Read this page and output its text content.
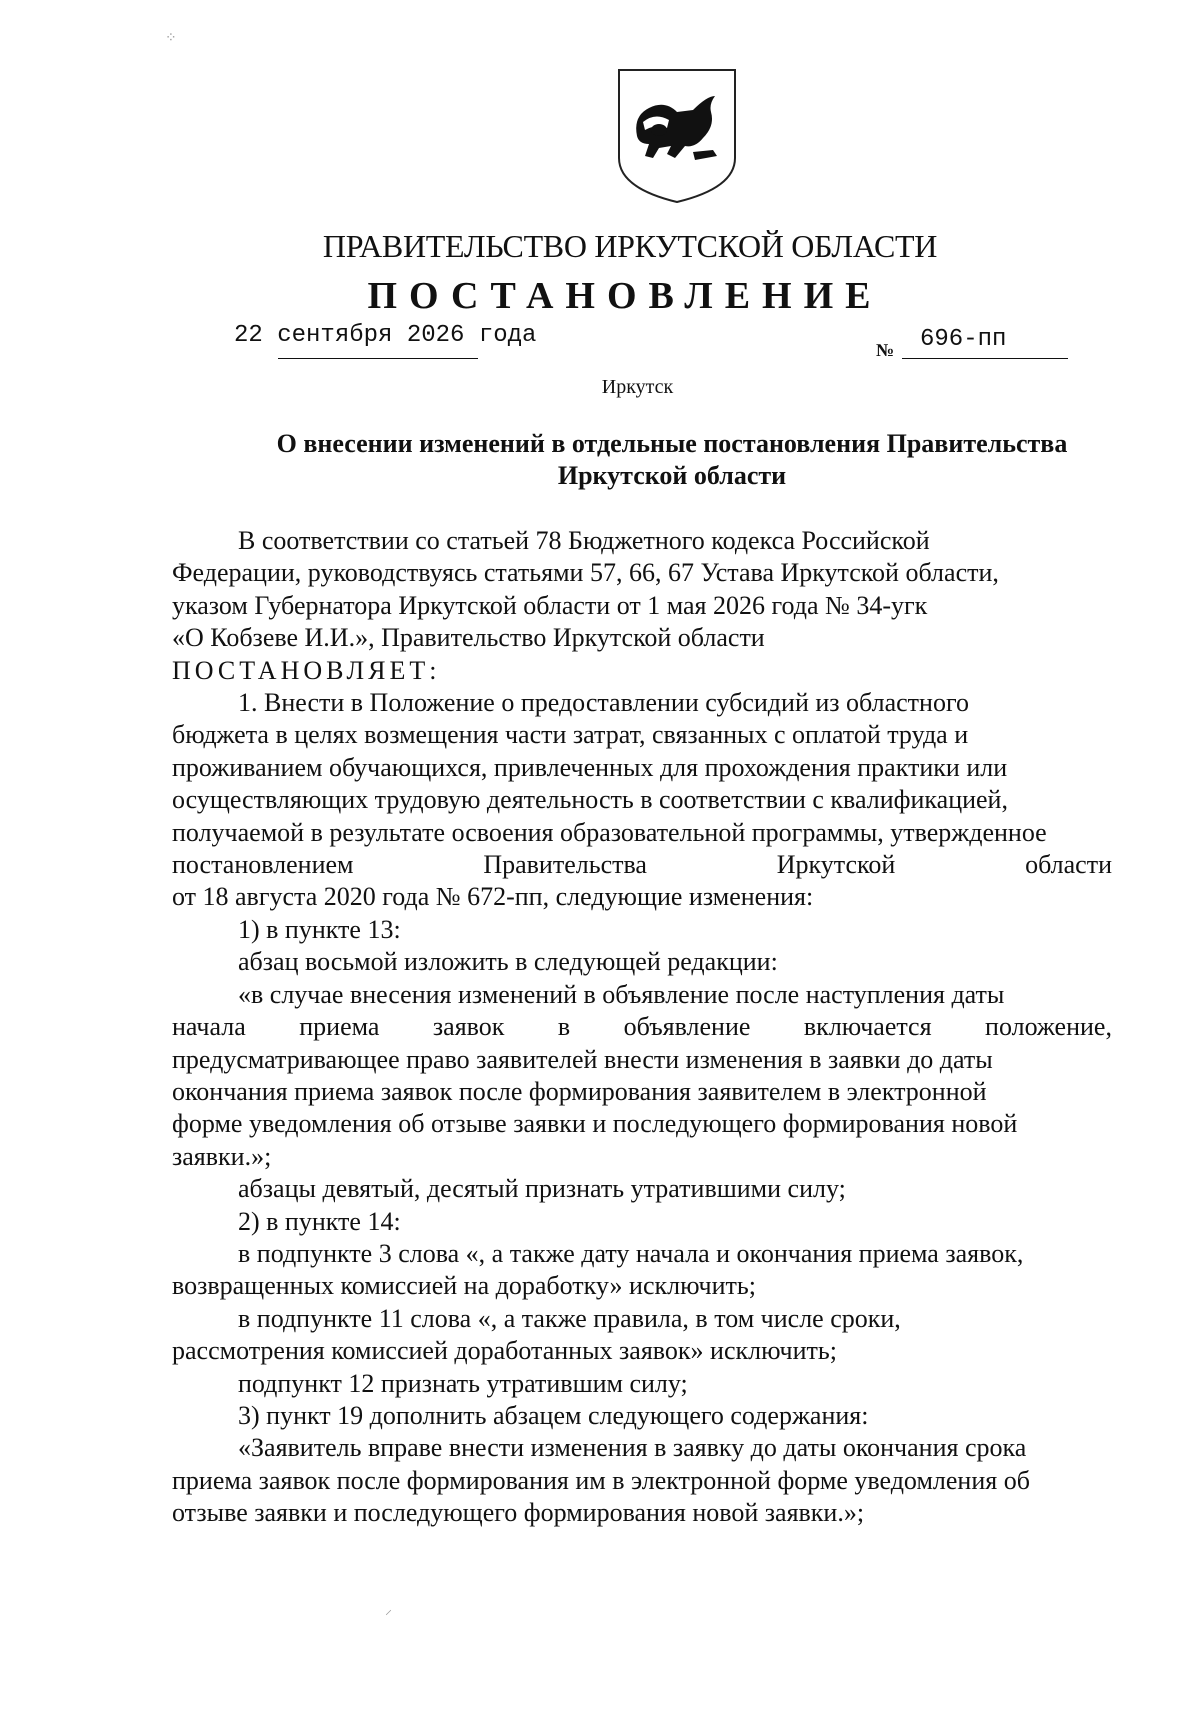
ПРАВИТЕЛЬСТВО ИРКУТСКОЙ ОБЛАСТИ
ПОСТАНОВЛЕНИЕ
22 сентября 2026 года
№ 696-пп
Иркутск
О внесении изменений в отдельные постановления Правительства
Иркутской области

В соответствии со статьей 78 Бюджетного кодекса Российской
Федерации, руководствуясь статьями 57, 66, 67 Устава Иркутской области,
указом Губернатора Иркутской области от 1 мая 2026 года № 34-угк
«О Кобзеве И.И.», Правительство Иркутской области

ПОСТАНОВЛЯЕТ:

1. Внести в Положение о предоставлении субсидий из областного
бюджета в целях возмещения части затрат, связанных с оплатой труда и
проживанием обучающихся, привлеченных для прохождения практики или
осуществляющих трудовую деятельность в соответствии с квалификацией,
получаемой в результате освоения образовательной программы, утвержденное
постановлением	Правительства	Иркутской	области
от 18 августа 2020 года № 672-пп, следующие изменения:

1) в пункте 13:

абзац восьмой изложить в следующей редакции:

«в случае внесения изменений в объявление после наступления даты
начала приема заявок в объявление включается положение,
предусматривающее право заявителей внести изменения в заявки до даты
окончания приема заявок после формирования заявителем в электронной
форме уведомления об отзыве заявки и последующего формирования новой
заявки.»;

абзацы девятый, десятый признать утратившими силу;

2) в пункте 14:

в подпункте 3 слова «, а также дату начала и окончания приема заявок,
возвращенных комиссией на доработку» исключить;

в подпункте 11 слова «, а также правила, в том числе сроки,
рассмотрения комиссией доработанных заявок» исключить;

подпункт 12 признать утратившим силу;

3) пункт 19 дополнить абзацем следующего содержания:

«Заявитель вправе внести изменения в заявку до даты окончания срока
приема заявок после формирования им в электронной форме уведомления об
отзыве заявки и последующего формирования новой заявки.»;

⁘
⸝
